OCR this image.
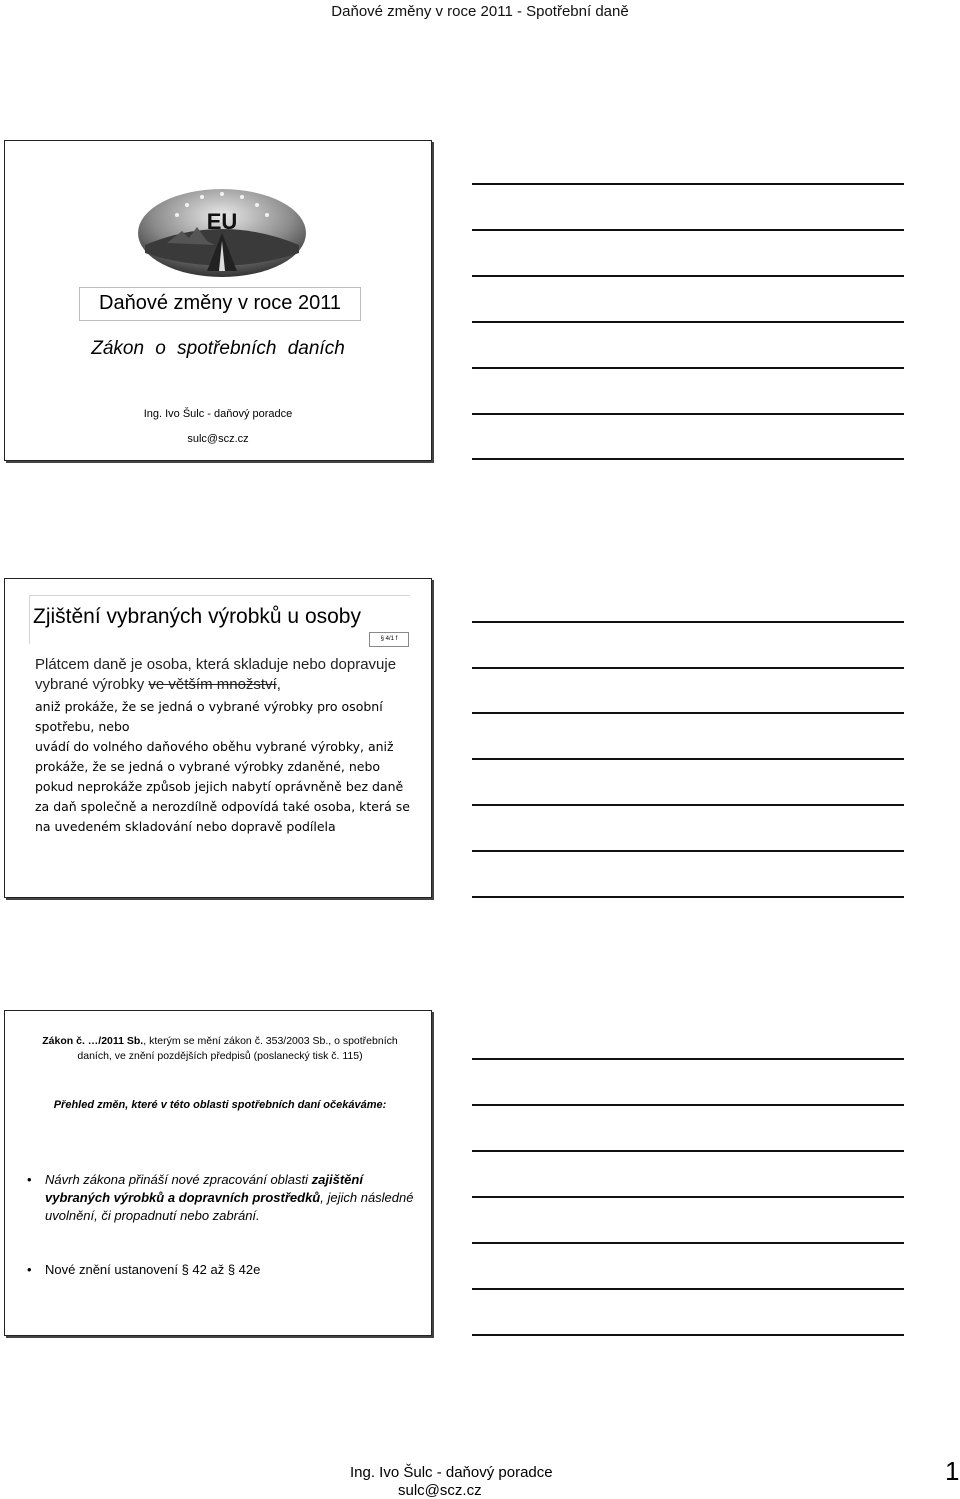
Daňové změny v roce 2011 - Spotřební daně
EU
Daňové změny v roce 2011
Zákon o spotřebních daních
Ing. Ivo Šulc - daňový poradce
sulc@scz.cz
Zjištění vybraných výrobků u osoby
§ 4/1 f
Plátcem daně je osoba, která skladuje nebo dopravuje vybrané výrobky ve větším množství,
aniž prokáže, že se jedná o vybrané výrobky pro osobní spotřebu, nebo
uvádí do volného daňového oběhu vybrané výrobky, aniž prokáže, že se jedná o vybrané výrobky zdaněné, nebo pokud neprokáže způsob jejich nabytí oprávněně bez daně
za daň společně a nerozdílně odpovídá také osoba, která se na uvedeném skladování nebo dopravě podílela
Zákon č. …/2011 Sb., kterým se mění zákon č. 353/2003 Sb., o spotřebních daních, ve znění pozdějších předpisů (poslanecký tisk č. 115)
Přehled změn, které v této oblasti spotřebních daní očekáváme:
• Návrh zákona přináší nové zpracování oblasti zajištění vybraných výrobků a dopravních prostředků, jejich následné uvolnění, či propadnutí nebo zabrání.
• Nové znění ustanovení § 42 až § 42e
Ing. Ivo Šulc - daňový poradce
sulc@scz.cz
1
